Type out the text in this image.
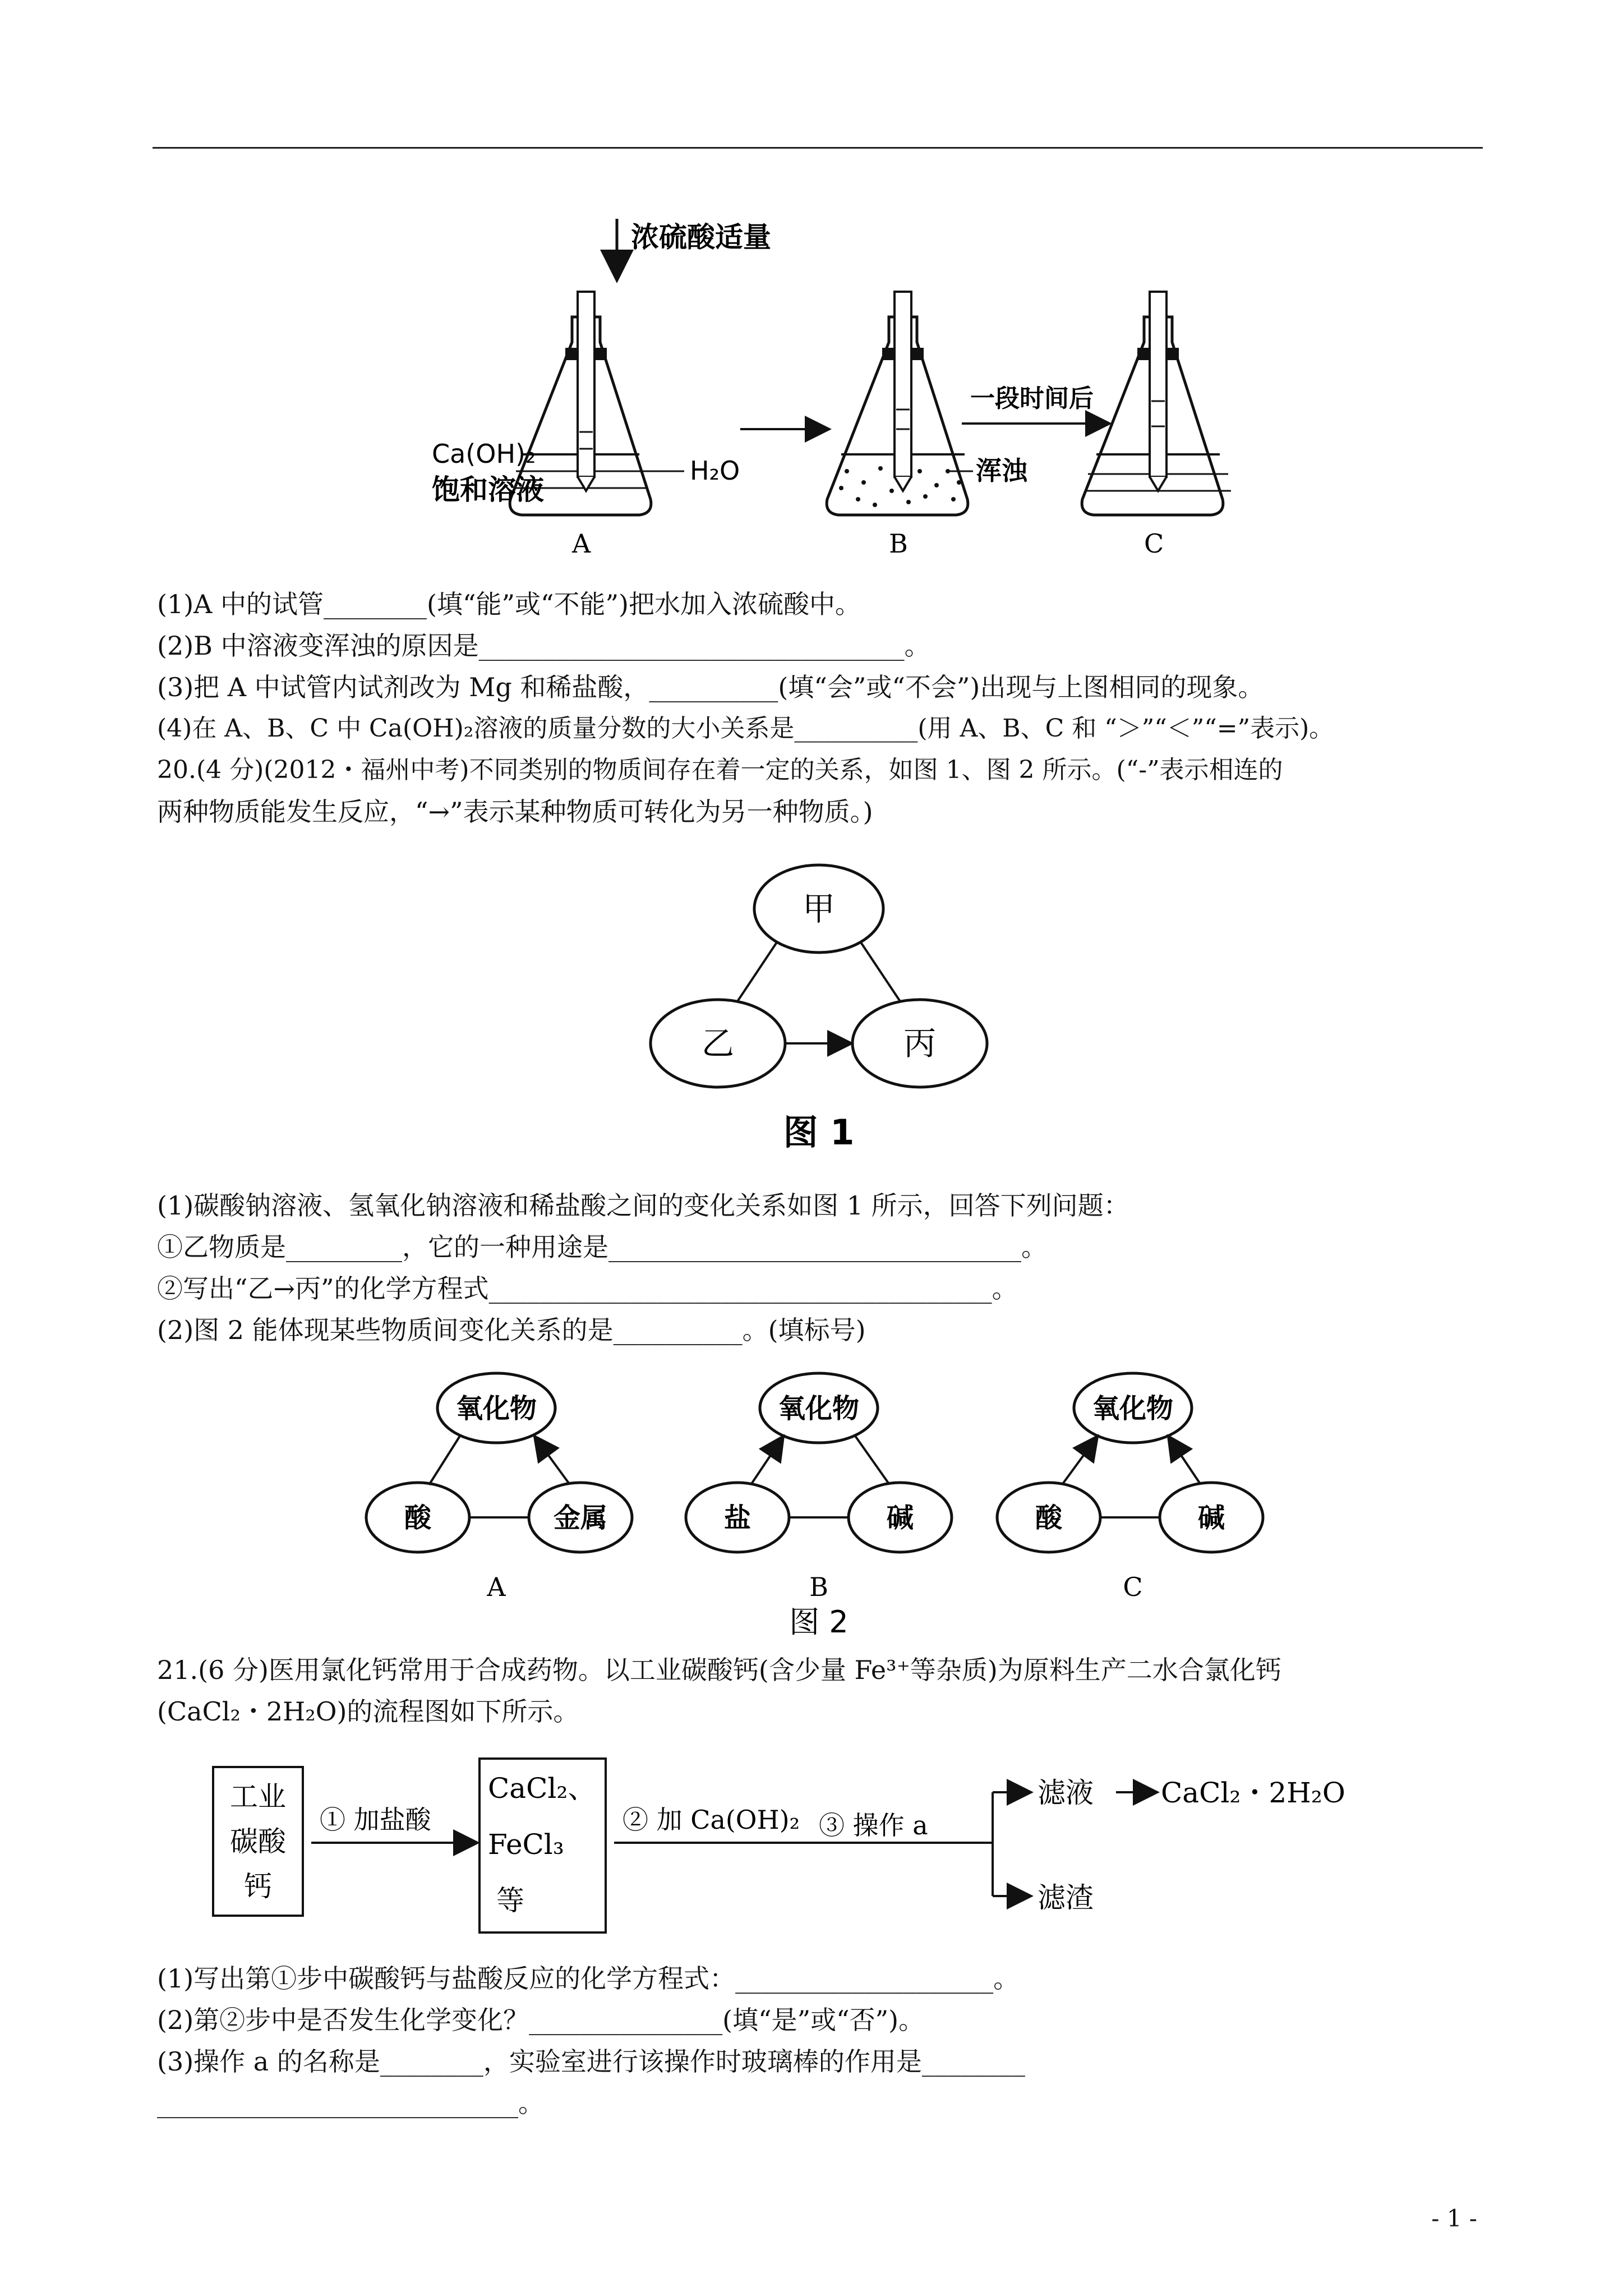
浓硫酸适量
Ca(OH)₂
饱和溶液
H₂O
A
浑浊
B
一段时间后
C
(1)A 中的试管________(填“能”或“不能”)把水加入浓硫酸中。
(2)B 中溶液变浑浊的原因是_________________________________。
(3)把 A 中试管内试剂改为 Mg 和稀盐酸，__________(填“会”或“不会”)出现与上图相同的现象。
(4)在 A、B、C 中 Ca(OH)₂溶液的质量分数的大小关系是__________(用 A、B、C 和 “＞”“＜”“=”表示)。
20.(4 分)(2012・福州中考)不同类别的物质间存在着一定的关系，如图 1、图 2 所示。(“-”表示相连的
两种物质能发生反应，“→”表示某种物质可转化为另一种物质。)
甲
乙	丙
图 1
(1)碳酸钠溶液、氢氧化钠溶液和稀盐酸之间的变化关系如图 1 所示，回答下列问题：
①乙物质是_________，它的一种用途是________________________________。
②写出“乙→丙”的化学方程式_______________________________________。
(2)图 2 能体现某些物质间变化关系的是__________。(填标号)
氧化物
酸	金属
A
氧化物
盐	碱
B
氧化物
酸	碱
C
图 2
21.(6 分)医用氯化钙常用于合成药物。以工业碳酸钙(含少量 Fe³⁺等杂质)为原料生产二水合氯化钙
(CaCl₂・2H₂O)的流程图如下所示。
工业
碳酸
钙
① 加盐酸
CaCl₂、
FeCl₃
等
② 加 Ca(OH)₂ ③ 操作 a
滤液 CaCl₂・2H₂O
滤渣
(1)写出第①步中碳酸钙与盐酸反应的化学方程式：____________________。
(2)第②步中是否发生化学变化？_______________(填“是”或“否”)。
(3)操作 a 的名称是________，实验室进行该操作时玻璃棒的作用是________
____________________________。
- 1 -
